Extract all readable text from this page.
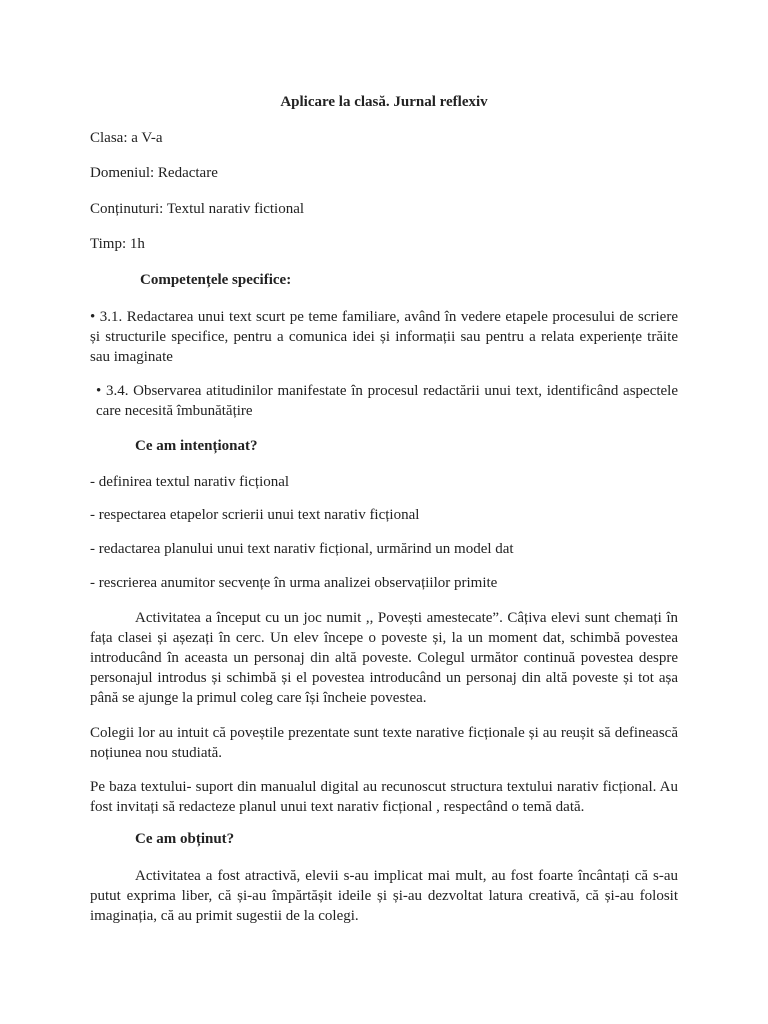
Aplicare la clasă. Jurnal reflexiv

Clasa: a V-a

Domeniul: Redactare

Conținuturi: Textul narativ fictional

Timp: 1h

Competențele specifice:

• 3.1. Redactarea unui text scurt pe teme familiare, având în vedere etapele procesului de scriere și structurile specifice, pentru a comunica idei și informații sau pentru a relata experiențe trăite sau imaginate

• 3.4. Observarea atitudinilor manifestate în procesul redactării unui text, identificând aspectele care necesită îmbunătățire

Ce am intenționat?

- definirea textul narativ ficțional

- respectarea etapelor scrierii unui text narativ ficțional

- redactarea planului unui text narativ ficțional, urmărind un model dat

- rescrierea anumitor secvențe în urma analizei observațiilor primite

Activitatea a început cu un joc numit ,, Povești amestecate”. Câțiva elevi sunt chemați în fața clasei și așezați în cerc. Un elev începe o poveste și, la un moment dat, schimbă povestea introducând în aceasta un personaj din altă poveste. Colegul următor continuă povestea despre personajul introdus și schimbă și el povestea introducând un personaj din altă poveste și tot așa până se ajunge la primul coleg care își încheie povestea.

Colegii lor au intuit că poveștile prezentate sunt texte narative ficționale și au reușit să definească noțiunea nou studiată.

Pe baza textului- suport din manualul digital au recunoscut structura textului narativ ficțional. Au fost invitați să redacteze planul unui text narativ ficțional , respectând o temă dată.

Ce am obținut?

Activitatea a fost atractivă, elevii s-au implicat mai mult, au fost foarte încântați că s-au putut exprima liber, că și-au împărtășit ideile și și-au dezvoltat latura creativă, că și-au folosit imaginația, că au primit sugestii de la colegi.
